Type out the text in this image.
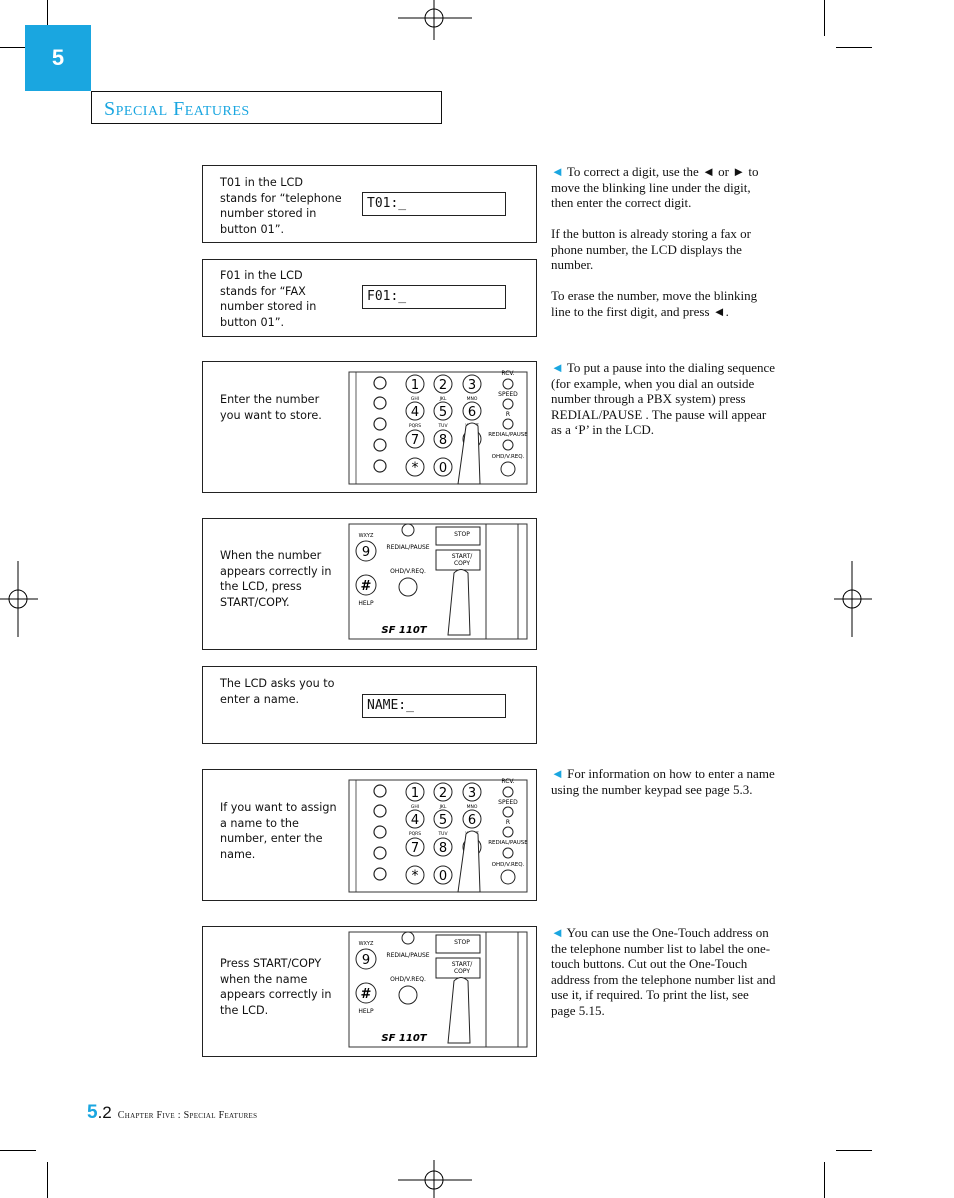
5
Special Features
T01 in the LCD stands for “telephone number stored in button 01”.
T01:_
F01 in the LCD stands for “FAX number stored in button 01”.
F01:_
Enter the number you want to store.
1 2 3
4 5 6
7 8
* 0
GHI	JKL	MNO
PQRS	TUV
RCV.
SPEED
R
REDIAL/PAUSE
OHD/V.REQ.
When the number appears correctly in the LCD, press START/COPY.
WXYZ
9
#
HELP
REDIAL/PAUSE
OHD/V.REQ.
STOP
START/
COPY
SF 110T
The LCD asks you to enter a name.	NAME:_
If you want to assign a name to the number, enter the name.
1 2 3
4 5 6
7 8
* 0
GHI	JKL	MNO
PQRS	TUV
RCV.
SPEED
R
REDIAL/PAUSE
OHD/V.REQ.
Press START/COPY when the name appears correctly in the LCD.
WXYZ
9
#
HELP
REDIAL/PAUSE
OHD/V.REQ.
STOP
START/
COPY
SF 110T

◄ To correct a digit, use the ◄ or ► to move the blinking line under the digit, then enter the correct digit.

If the button is already storing a fax or phone number, the LCD displays the number.

To erase the number, move the blinking line to the first digit, and press ◄.

◄ To put a pause into the dialing sequence (for example, when you dial an outside number through a PBX system) press REDIAL/PAUSE . The pause will appear as a ‘P’ in the LCD.

◄ For information on how to enter a name using the number keypad see page 5.3.

◄ You can use the One-Touch address on the telephone number list to label the one-touch buttons. Cut out the One-Touch address from the telephone number list and use it, if required. To print the list, see page 5.15.

5.2 Chapter Five : Special Features
